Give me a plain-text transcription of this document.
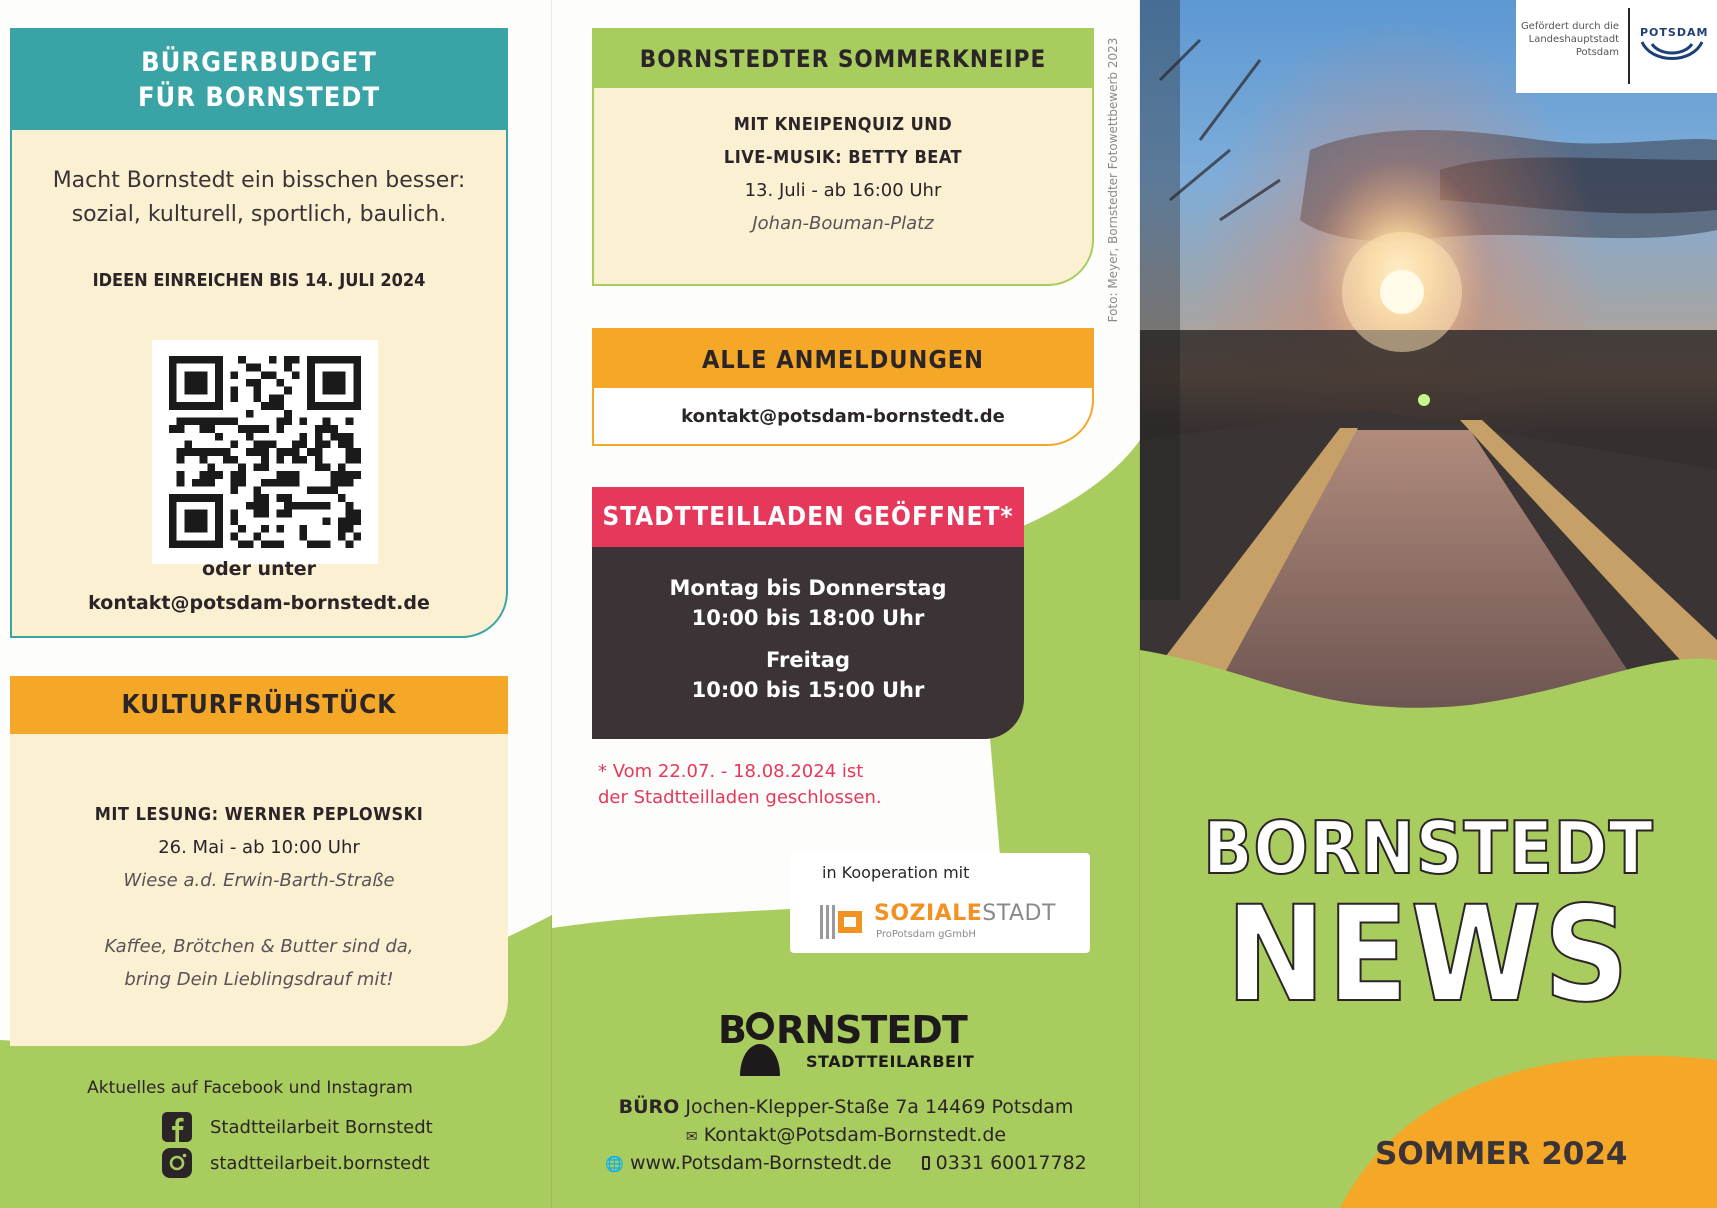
BÜRGERBUDGET
FÜR BORNSTEDT
Macht Bornstedt ein bisschen besser:
sozial, kulturell, sportlich, baulich.
IDEEN EINREICHEN BIS 14. JULI 2024
oder unter
kontakt@potsdam-bornstedt.de
KULTURFRÜHSTÜCK
MIT LESUNG: WERNER PEPLOWSKI
26. Mai - ab 10:00 Uhr
Wiese a.d. Erwin-Barth-Straße
Kaffee, Brötchen & Butter sind da,
bring Dein Lieblingsdrauf mit!
Aktuelles auf Facebook und Instagram
Stadtteilarbeit Bornstedt
stadtteilarbeit.bornstedt
BORNSTEDTER SOMMERKNEIPE
MIT KNEIPENQUIZ UND
LIVE-MUSIK: BETTY BEAT
13. Juli - ab 16:00 Uhr
Johan-Bouman-Platz
ALLE ANMELDUNGEN
kontakt@potsdam-bornstedt.de
STADTTEILLADEN GEÖFFNET*
Montag bis Donnerstag
10:00 bis 18:00 Uhr
Freitag
10:00 bis 15:00 Uhr
* Vom 22.07. - 18.08.2024 ist
der Stadtteilladen geschlossen.
in Kooperation mit
SOZIALESTADT
ProPotsdam gGmbH
B RNSTEDT
STADTTEILARBEIT
BÜRO Jochen-Klepper-Staße 7a 14469 Potsdam
✉ Kontakt@Potsdam-Bornstedt.de
🌐 www.Potsdam-Bornstedt.de 0331 60017782
Foto: Meyer, Bornstedter Fotowettbewerb 2023
Gefördert durch die
Landeshauptstadt
Potsdam
POTSDAM
BORNSTEDT
NEWS
SOMMER 2024
